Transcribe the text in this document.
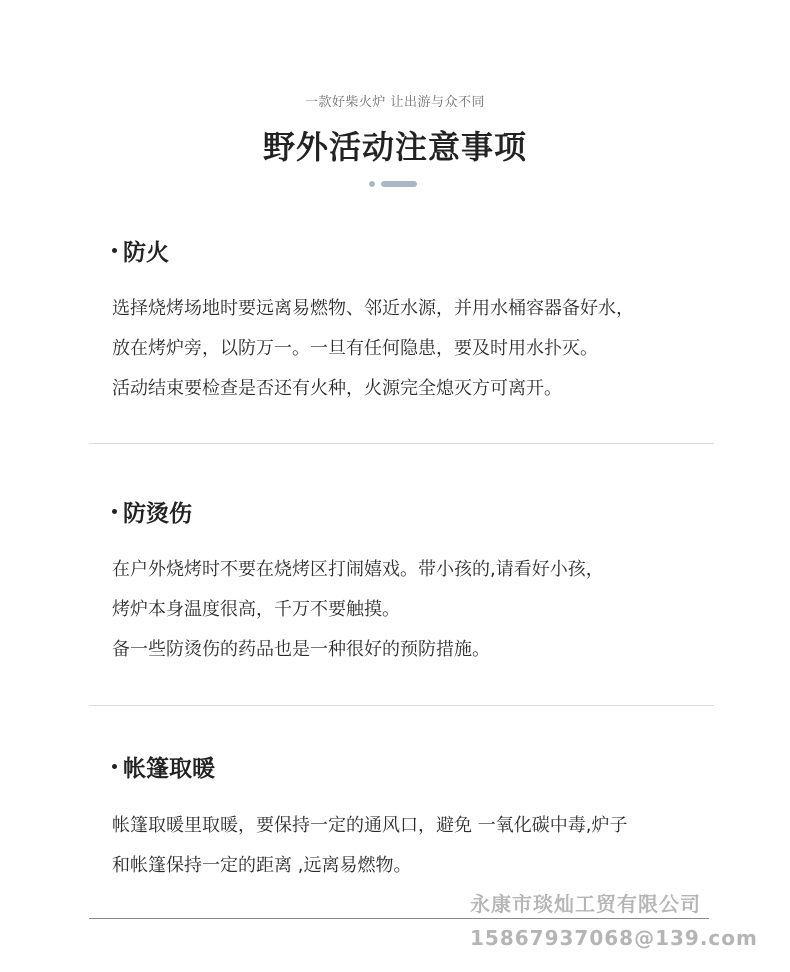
一款好柴火炉 让出游与众不同
野外活动注意事项
防火

选择烧烤场地时要远离易燃物、邻近水源，并用水桶容器备好水，

放在烤炉旁，以防万一。一旦有任何隐患，要及时用水扑灭。

活动结束要检查是否还有火种，火源完全熄灭方可离开。

防烫伤

在户外烧烤时不要在烧烤区打闹嬉戏。带小孩的,请看好小孩，

烤炉本身温度很高，千万不要触摸。

备一些防烫伤的药品也是一种很好的预防措施。

帐篷取暖

帐篷取暖里取暖，要保持一定的通风口，避免 一氧化碳中毒,炉子

和帐篷保持一定的距离 ,远离易燃物。

永康市琰灿工贸有限公司
15867937068@139.com
